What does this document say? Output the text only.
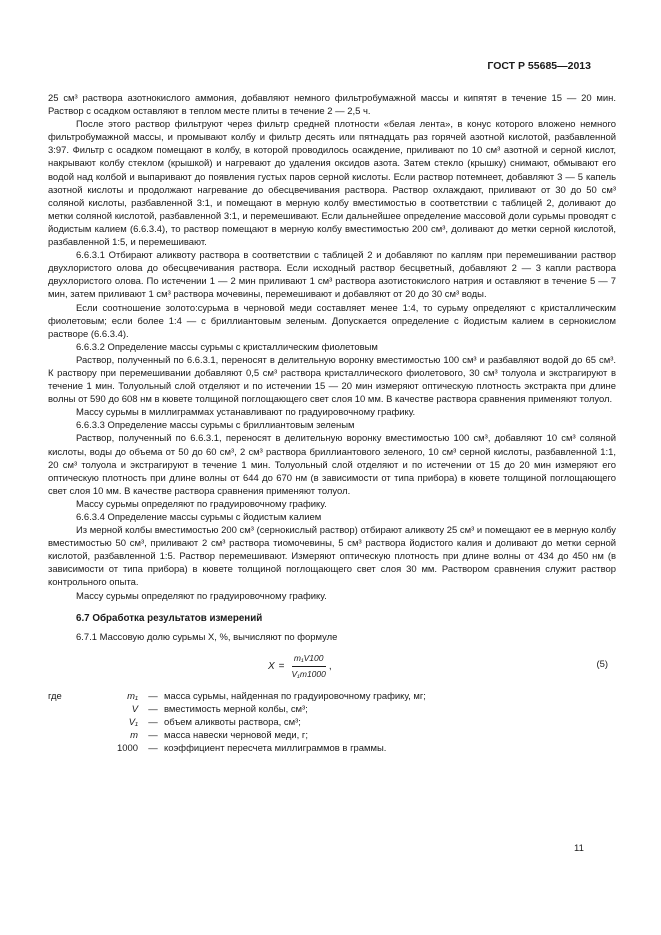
ГОСТ Р 55685—2013

25 см³ раствора азотнокислого аммония, добавляют немного фильтробумажной массы и кипятят в течение 15 — 20 мин. Раствор с осадком оставляют в теплом месте плиты в течение 2 — 2,5 ч.

После этого раствор фильтруют через фильтр средней плотности «белая лента», в конус которого вложено немного фильтробумажной массы, и промывают колбу и фильтр десять или пятнадцать раз горячей азотной кислотой, разбавленной 3:97. Фильтр с осадком помещают в колбу, в которой проводилось осаждение, приливают по 10 см³ азотной и серной кислот, накрывают колбу стеклом (крышкой) и нагревают до удаления оксидов азота. Затем стекло (крышку) снимают, обмывают его водой над колбой и выпаривают до появления густых паров серной кислоты. Если раствор потемнеет, добавляют 3 — 5 капель азотной кислоты и продолжают нагревание до обесцвечивания раствора. Раствор охлаждают, приливают от 30 до 50 см³ соляной кислоты, разбавленной 3:1, и помещают в мерную колбу вместимостью в соответствии с таблицей 2, доливают до метки соляной кислотой, разбавленной 3:1, и перемешивают. Если дальнейшее определение массовой доли сурьмы проводят с йодистым калием (6.6.3.4), то раствор помещают в мерную колбу вместимостью 200 см³, доливают до метки серной кислотой, разбавленной 1:5, и перемешивают.

6.6.3.1 Отбирают аликвоту раствора в соответствии с таблицей 2 и добавляют по каплям при перемешивании раствор двухлористого олова до обесцвечивания раствора. Если исходный раствор бесцветный, добавляют 2 — 3 капли раствора двухлористого олова. По истечении 1 — 2 мин приливают 1 см³ раствора азотистокислого натрия и оставляют в течение 5 — 7 мин, затем приливают 1 см³ раствора мочевины, перемешивают и добавляют от 20 до 30 см³ воды.

Если соотношение золото:сурьма в черновой меди составляет менее 1:4, то сурьму определяют с кристаллическим фиолетовым; если более 1:4 — с бриллиантовым зеленым. Допускается определение с йодистым калием в сернокислом растворе (6.6.3.4).

6.6.3.2 Определение массы сурьмы с кристаллическим фиолетовым

Раствор, полученный по 6.6.3.1, переносят в делительную воронку вместимостью 100 см³ и разбавляют водой до 65 см³. К раствору при перемешивании добавляют 0,5 см³ раствора кристаллического фиолетового, 30 см³ толуола и экстрагируют в течение 1 мин. Толуольный слой отделяют и по истечении 15 — 20 мин измеряют оптическую плотность экстракта при длине волны от 590 до 608 нм в кювете толщиной поглощающего свет слоя 10 мм. В качестве раствора сравнения применяют толуол.

Массу сурьмы в миллиграммах устанавливают по градуировочному графику.

6.6.3.3 Определение массы сурьмы с бриллиантовым зеленым

Раствор, полученный по 6.6.3.1, переносят в делительную воронку вместимостью 100 см³, добавляют 10 см³ соляной кислоты, воды до объема от 50 до 60 см³, 2 см³ раствора бриллиантового зеленого, 10 см³ серной кислоты, разбавленной 1:1, 20 см³ толуола и экстрагируют в течение 1 мин. Толуольный слой отделяют и по истечении от 15 до 20 мин измеряют его оптическую плотность при длине волны от 644 до 670 нм (в зависимости от типа прибора) в кювете толщиной поглощающего свет слоя 10 мм. В качестве раствора сравнения применяют толуол.

Массу сурьмы определяют по градуировочному графику.

6.6.3.4 Определение массы сурьмы с йодистым калием

Из мерной колбы вместимостью 200 см³ (сернокислый раствор) отбирают аликвоту 25 см³ и помещают ее в мерную колбу вместимостью 50 см³, приливают 2 см³ раствора тиомочевины, 5 см³ раствора йодистого калия и доливают до метки серной кислотой, разбавленной 1:5. Раствор перемешивают. Измеряют оптическую плотность при длине волны от 434 до 450 нм (в зависимости от типа прибора) в кювете толщиной поглощающего свет слоя 30 мм. Раствором сравнения служит раствор контрольного опыта.

Массу сурьмы определяют по градуировочному графику.

6.7 Обработка результатов измерений

6.7.1 Массовую долю сурьмы X, %, вычисляют по формуле

$X = \frac{\text{m₁V100}}{\text{V₁m1000}}$ ,	(5)
где	m₁	— масса сурьмы, найденная по градуировочному графику, мг;
V	— вместимость мерной колбы, см³;
V₁	— объем аликвоты раствора, см³;
m	— масса навески черновой меди, г;
1000	— коэффициент пересчета миллиграммов в граммы.
11
